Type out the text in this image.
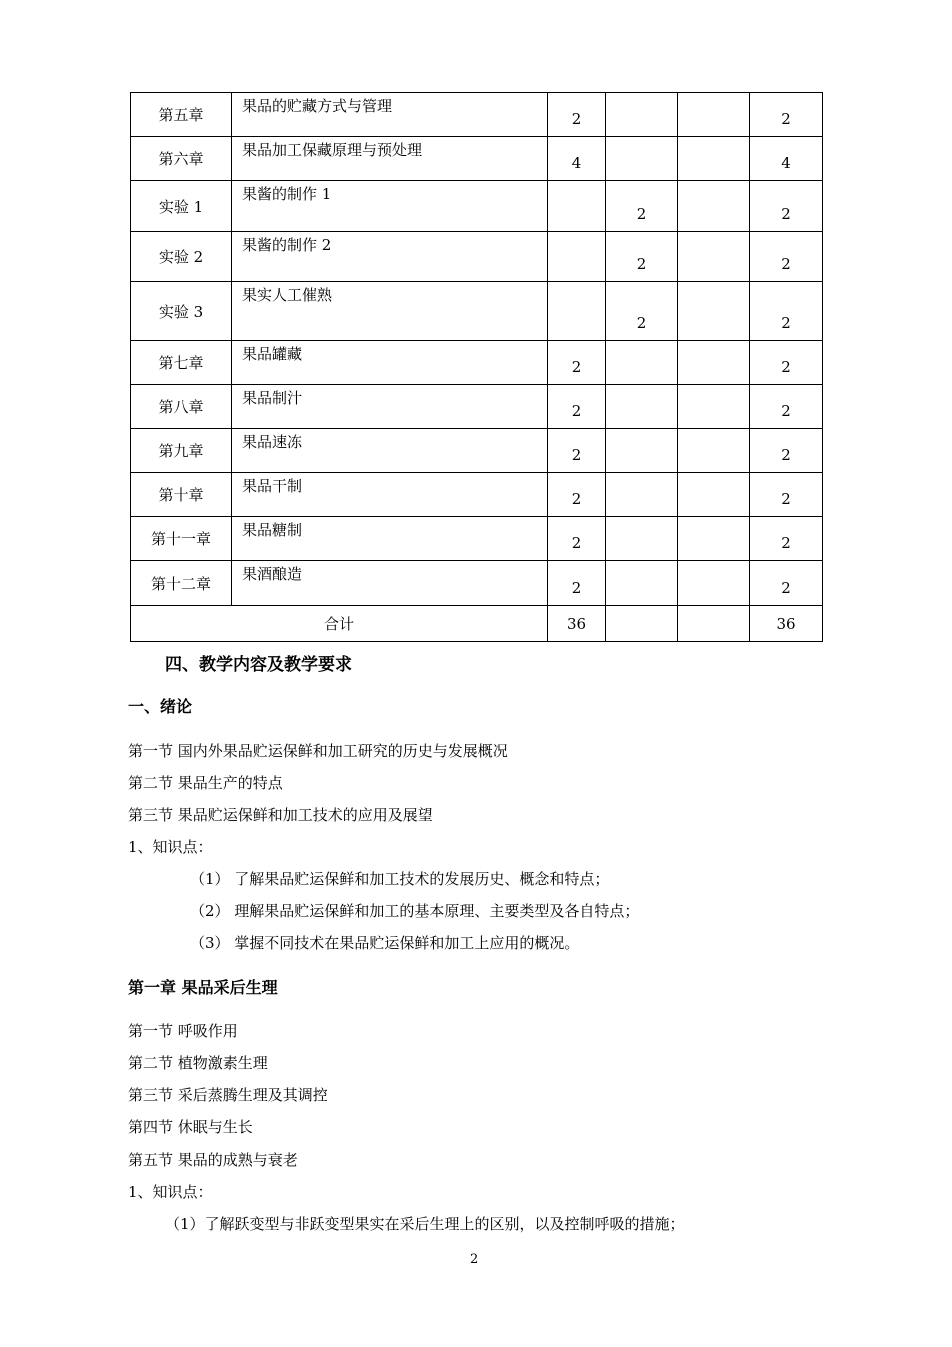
第五章	果品的贮藏方式与管理	2			2
第六章	果品加工保藏原理与预处理	4			4
实验 1	果酱的制作 1		2		2
实验 2	果酱的制作 2		2		2
实验 3	果实人工催熟		2		2
第七章	果品罐藏	2			2
第八章	果品制汁	2			2
第九章	果品速冻	2			2
第十章	果品干制	2			2
第十一章	果品糖制	2			2
第十二章	果酒酿造	2			2
合计		36			36
四、教学内容及教学要求
一、绪论
第一节 国内外果品贮运保鲜和加工研究的历史与发展概况
第二节 果品生产的特点
第三节 果品贮运保鲜和加工技术的应用及展望
1、知识点：
（1） 了解果品贮运保鲜和加工技术的发展历史、概念和特点；
（2） 理解果品贮运保鲜和加工的基本原理、主要类型及各自特点；
（3） 掌握不同技术在果品贮运保鲜和加工上应用的概况。
第一章 果品采后生理
第一节 呼吸作用
第二节 植物激素生理
第三节 采后蒸腾生理及其调控
第四节 休眠与生长
第五节 果品的成熟与衰老
1、知识点：
（1）了解跃变型与非跃变型果实在采后生理上的区别，以及控制呼吸的措施；
2
